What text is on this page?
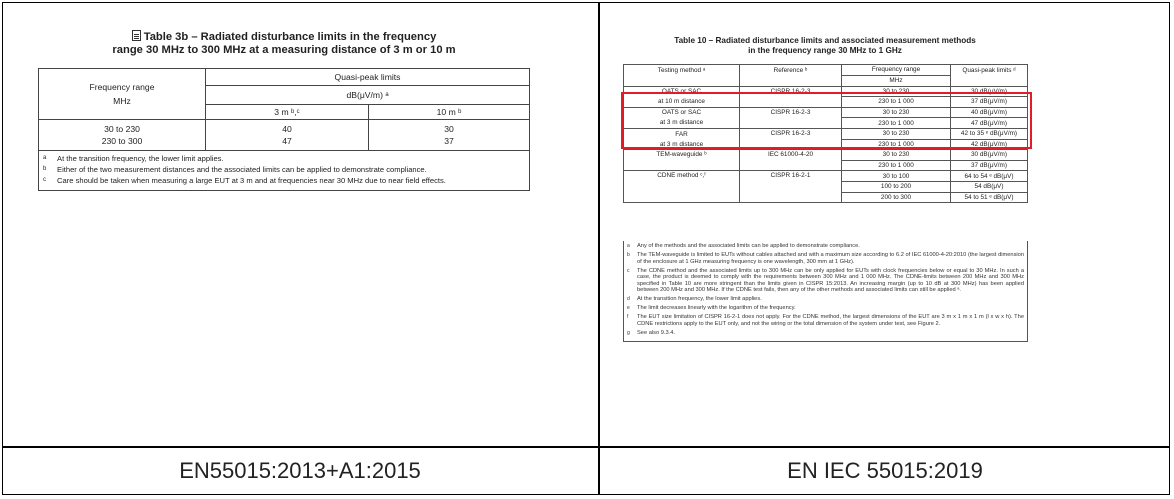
Table 3b – Radiated disturbance limits in the frequency
range 30 MHz to 300 MHz at a measuring distance of 3 m or 10 m
Frequency range
MHz	Quasi-peak limits	
	dB(μV/m) ᵃ	
	3 m ᵇ,ᶜ	10 m ᵇ
30 to 230	40	30
230 to 300	47	37
a	At the transition frequency, the lower limit applies.
b	Either of the two measurement distances and the associated limits can be applied to demonstrate compliance.
c	Care should be taken when measuring a large EUT at 3 m and at frequencies near 30 MHz due to near field effects.
Table 10 – Radiated disturbance limits and associated measurement methods
in the frequency range 30 MHz to 1 GHz
Testing method ᵃ	Reference ᵇ	Frequency range	Quasi-peak limits ᵈ
		MHz	
OATS or SAC	CISPR 16-2-3	30 to 230	30 dB(μV/m)
at 10 m distance		230 to 1 000	37 dB(μV/m)
OATS or SAC	CISPR 16-2-3	30 to 230	40 dB(μV/m)
at 3 m distance		230 to 1 000	47 dB(μV/m)
FAR	CISPR 16-2-3	30 to 230	42 to 35 ᵉ dB(μV/m)
at 3 m distance		230 to 1 000	42 dB(μV/m)
TEM-waveguide ᵇ	IEC 61000-4-20	30 to 230	30 dB(μV/m)
		230 to 1 000	37 dB(μV/m)
CDNE method ᶜ,ᶠ	CISPR 16-2-1	30 to 100	64 to 54 ᵉ dB(μV)
		100 to 200	54 dB(μV)
		200 to 300	54 to 51 ᵉ dB(μV)
a	Any of the methods and the associated limits can be applied to demonstrate compliance.
b	The TEM-waveguide is limited to EUTs without cables attached and with a maximum size according to 6.2 of IEC 61000-4-20:2010 (the largest dimension of the enclosure at 1 GHz measuring frequency is one wavelength, 300 mm at 1 GHz).
c	The CDNE method and the associated limits up to 300 MHz can be only applied for EUTs with clock frequencies below or equal to 30 MHz. In such a case, the product is deemed to comply with the requirements between 300 MHz and 1 000 MHz. The CDNE-limits between 200 MHz and 300 MHz specified in Table 10 are more stringent than the limits given in CISPR 15:2013. An increasing margin (up to 10 dB at 300 MHz) has been applied between 200 MHz and 300 MHz. If the CDNE test fails, then any of the other methods and associated limits can still be applied ᵃ.
d	At the transition frequency, the lower limit applies.
e	The limit decreases linearly with the logarithm of the frequency.
f	The EUT size limitation of CISPR 16-2-1 does not apply. For the CDNE method, the largest dimensions of the EUT are 3 m x 1 m x 1 m (l x w x h). The CDNE restrictions apply to the EUT only, and not the wiring or the total dimension of the system under test, see Figure 2.
g	See also 9.3.4.
EN55015:2013+A1:2015	EN IEC 55015:2019
